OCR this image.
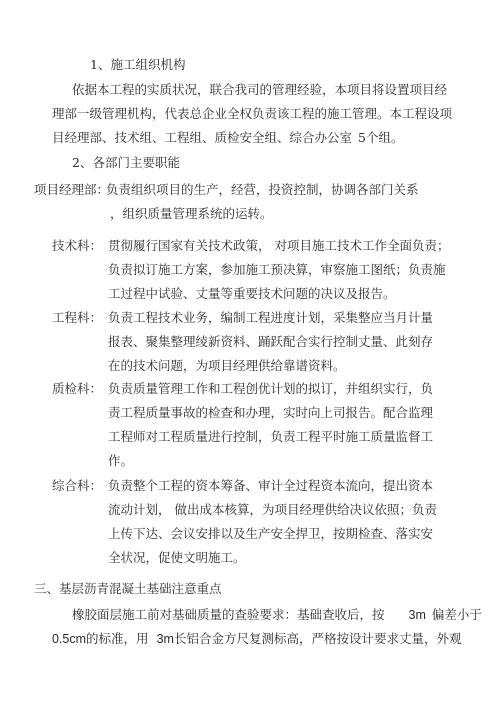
1、施工组织机构
依据本工程的实质状况，联合我司的管理经验，本项目将设置项目经
理部一级管理机构，代表总企业全权负责该工程的施工管理。本工程设项
目经理部、技术组、工程组、质检安全组、综合办公室 5个组。
2、各部门主要职能
项目经理部：
负责组织项目的生产，经营，投资控制，协调各部门关系
，组织质量管理系统的运转。
技术科： 贯彻履行国家有关技术政策， 对项目施工技术工作全面负责；
负责拟订施工方案，参加施工预决算，审察施工图纸；负责施
工过程中试验、丈量等重要技术问题的决议及报告。
工程科： 负责工程技术业务，编制工程进度计划，采集整应当月计量
报表、聚集整理绫新资料、踊跃配合实行控制丈量、此刻存
在的技术问题，为项目经理供给靠谱资料。
质检科： 负责质量管理工作和工程创优计划的拟订，并组织实行，负
责工程质量事故的检查和办理，实时向上司报告。配合监理
工程师对工程质量进行控制，负责工程平时施工质量监督工
作。
综合科： 负责整个工程的资本筹备、审计全过程资本流向，提出资本
流动计划， 做出成本核算，为项目经理供给决议依照；负责
上传下达、会议安排以及生产安全捍卫，按期检查、落实安
全状况，促使文明施工。
三、基层沥青混凝土基础注意重点
橡胶面层施工前对基础质量的查验要求：基础查收后，按 3m 偏差小于
0.5cm的标准，用 3m长铝合金方尺复测标高，严格按设计要求丈量，外观
